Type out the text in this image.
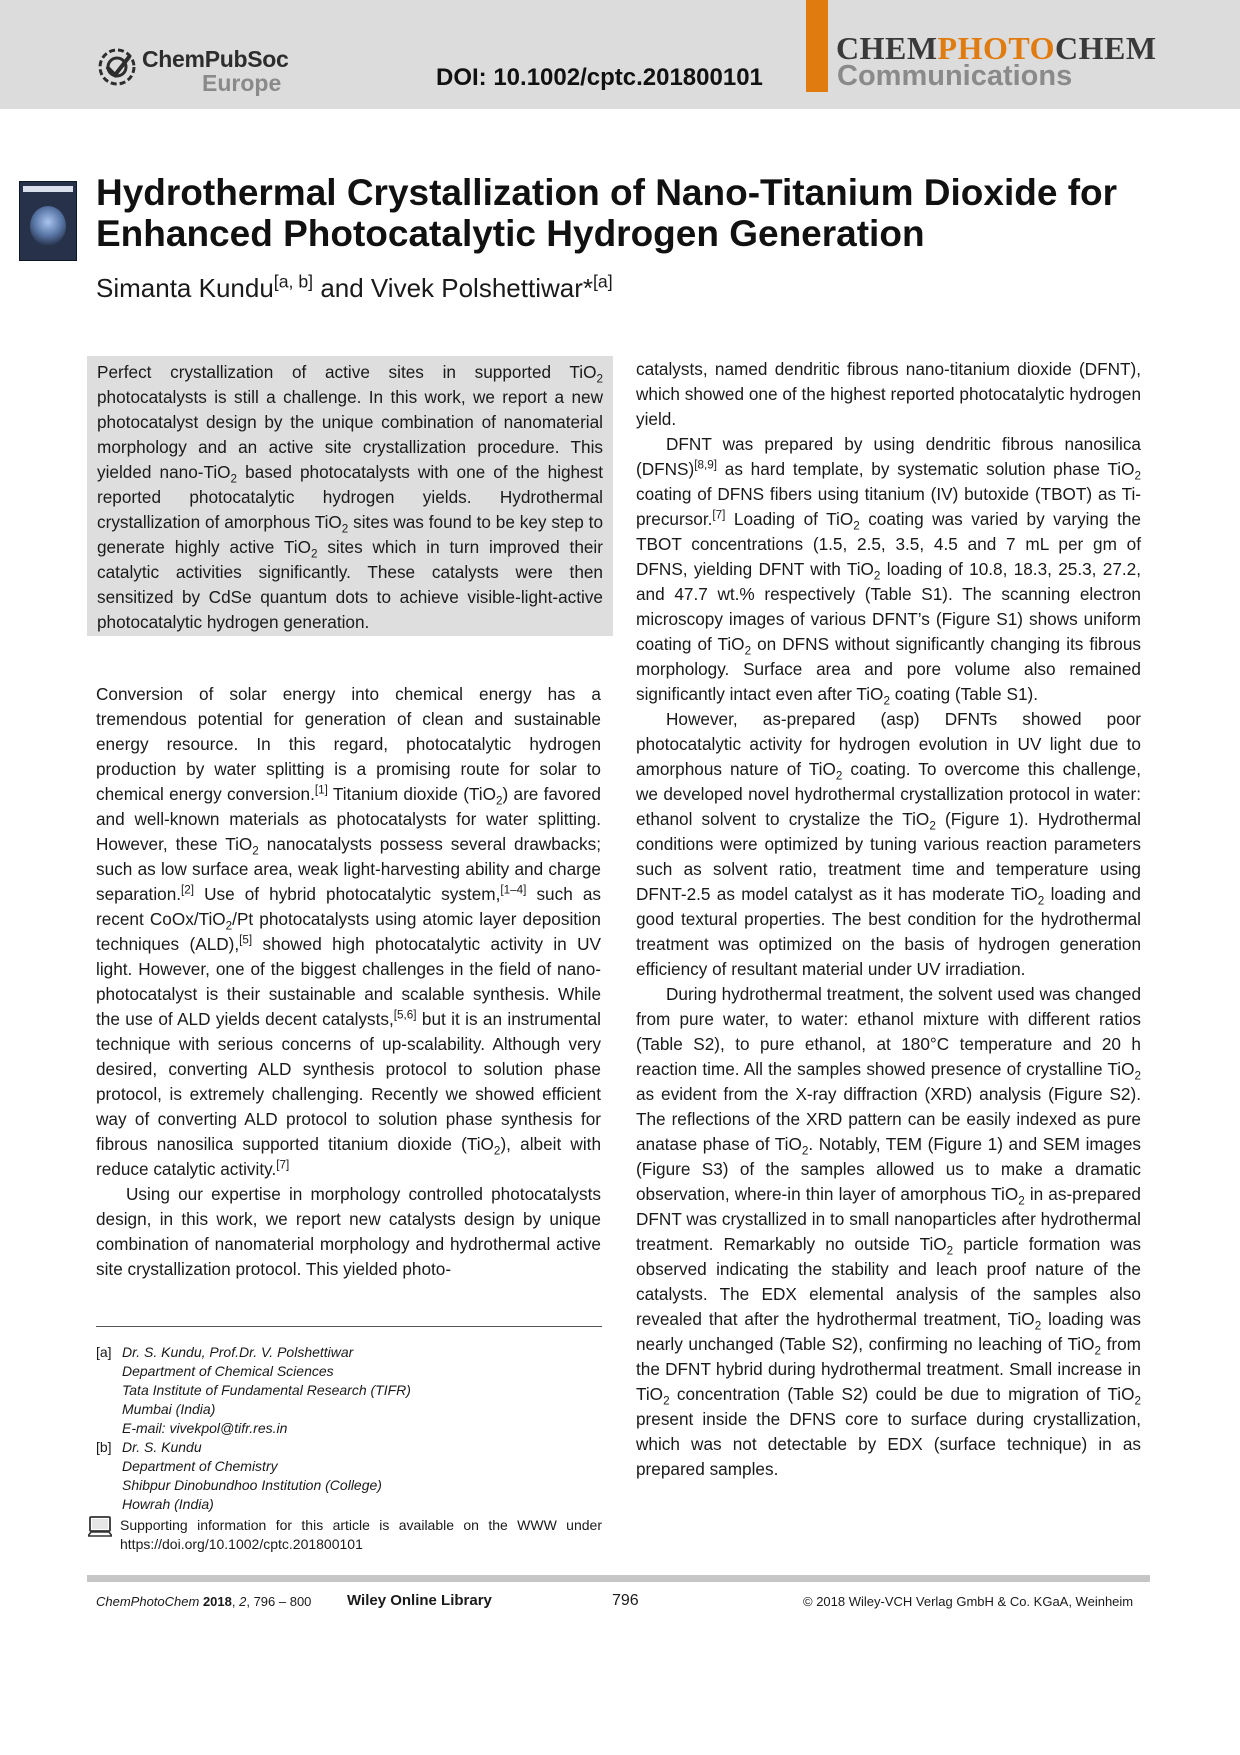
ChemPubSoc
Europe	DOI: 10.1002/cptc.201800101
CHEMPHOTOCHEM
Communications
Hydrothermal Crystallization of Nano-Titanium Dioxide for Enhanced Photocatalytic Hydrogen Generation
Simanta Kundu[a, b] and Vivek Polshettiwar*[a]

Perfect crystallization of active sites in supported TiO$_2$ photocatalysts is still a challenge. In this work, we report a new photocatalyst design by the unique combination of nanomaterial morphology and an active site crystallization procedure. This yielded nano-TiO$_2$ based photocatalysts with one of the highest reported photocatalytic hydrogen yields. Hydrothermal crystallization of amorphous TiO$_2$ sites was found to be key step to generate highly active TiO$_2$ sites which in turn improved their catalytic activities significantly. These catalysts were then sensitized by CdSe quantum dots to achieve visible-light-active photocatalytic hydrogen generation.

Conversion of solar energy into chemical energy has a tremendous potential for generation of clean and sustainable energy resource. In this regard, photocatalytic hydrogen production by water splitting is a promising route for solar to chemical energy conversion.[1] Titanium dioxide (TiO$_2$) are favored and well-known materials as photocatalysts for water splitting. However, these TiO$_2$ nanocatalysts possess several drawbacks; such as low surface area, weak light-harvesting ability and charge separation.[2] Use of hybrid photocatalytic system,[1–4] such as recent CoOx/TiO$_2$/Pt photocatalysts using atomic layer deposition techniques (ALD),[5] showed high photocatalytic activity in UV light. However, one of the biggest challenges in the field of nano-photocatalyst is their sustainable and scalable synthesis. While the use of ALD yields decent catalysts,[5,6] but it is an instrumental technique with serious concerns of up-scalability. Although very desired, converting ALD synthesis protocol to solution phase protocol, is extremely challenging. Recently we showed efficient way of converting ALD protocol to solution phase synthesis for fibrous nanosilica supported titanium dioxide (TiO$_2$), albeit with reduce catalytic activity.[7]

Using our expertise in morphology controlled photocatalysts design, in this work, we report new catalysts design by unique combination of nanomaterial morphology and hydrothermal active site crystallization protocol. This yielded photo-

catalysts, named dendritic fibrous nano-titanium dioxide (DFNT), which showed one of the highest reported photocatalytic hydrogen yield.

DFNT was prepared by using dendritic fibrous nanosilica (DFNS)[8,9] as hard template, by systematic solution phase TiO$_2$ coating of DFNS fibers using titanium (IV) butoxide (TBOT) as Ti-precursor.[7] Loading of TiO$_2$ coating was varied by varying the TBOT concentrations (1.5, 2.5, 3.5, 4.5 and 7 mL per gm of DFNS, yielding DFNT with TiO$_2$ loading of 10.8, 18.3, 25.3, 27.2, and 47.7 wt.% respectively (Table S1). The scanning electron microscopy images of various DFNT’s (Figure S1) shows uniform coating of TiO$_2$ on DFNS without significantly changing its fibrous morphology. Surface area and pore volume also remained significantly intact even after TiO$_2$ coating (Table S1).

However, as-prepared (asp) DFNTs showed poor photocatalytic activity for hydrogen evolution in UV light due to amorphous nature of TiO$_2$ coating. To overcome this challenge, we developed novel hydrothermal crystallization protocol in water: ethanol solvent to crystalize the TiO$_2$ (Figure 1). Hydrothermal conditions were optimized by tuning various reaction parameters such as solvent ratio, treatment time and temperature using DFNT-2.5 as model catalyst as it has moderate TiO$_2$ loading and good textural properties. The best condition for the hydrothermal treatment was optimized on the basis of hydrogen generation efficiency of resultant material under UV irradiation.

During hydrothermal treatment, the solvent used was changed from pure water, to water: ethanol mixture with different ratios (Table S2), to pure ethanol, at 180°C temperature and 20 h reaction time. All the samples showed presence of crystalline TiO$_2$ as evident from the X-ray diffraction (XRD) analysis (Figure S2). The reflections of the XRD pattern can be easily indexed as pure anatase phase of TiO$_2$. Notably, TEM (Figure 1) and SEM images (Figure S3) of the samples allowed us to make a dramatic observation, where-in thin layer of amorphous TiO$_2$ in as-prepared DFNT was crystallized in to small nanoparticles after hydrothermal treatment. Remarkably no outside TiO$_2$ particle formation was observed indicating the stability and leach proof nature of the catalysts. The EDX elemental analysis of the samples also revealed that after the hydrothermal treatment, TiO$_2$ loading was nearly unchanged (Table S2), confirming no leaching of TiO$_2$ from the DFNT hybrid during hydrothermal treatment. Small increase in TiO$_2$ concentration (Table S2) could be due to migration of TiO$_2$ present inside the DFNS core to surface during crystallization, which was not detectable by EDX (surface technique) in as prepared samples.

[a] Dr. S. Kundu, Prof.Dr. V. Polshettiwar
Department of Chemical Sciences
Tata Institute of Fundamental Research (TIFR)
Mumbai (India)
E-mail: vivekpol@tifr.res.in
[b] Dr. S. Kundu
Department of Chemistry
Shibpur Dinobundhoo Institution (College)
Howrah (India)
Supporting information for this article is available on the WWW under https://doi.org/10.1002/cptc.201800101
ChemPhotoChem 2018, 2, 796 – 800 Wiley Online Library	796	© 2018 Wiley-VCH Verlag GmbH & Co. KGaA, Weinheim
